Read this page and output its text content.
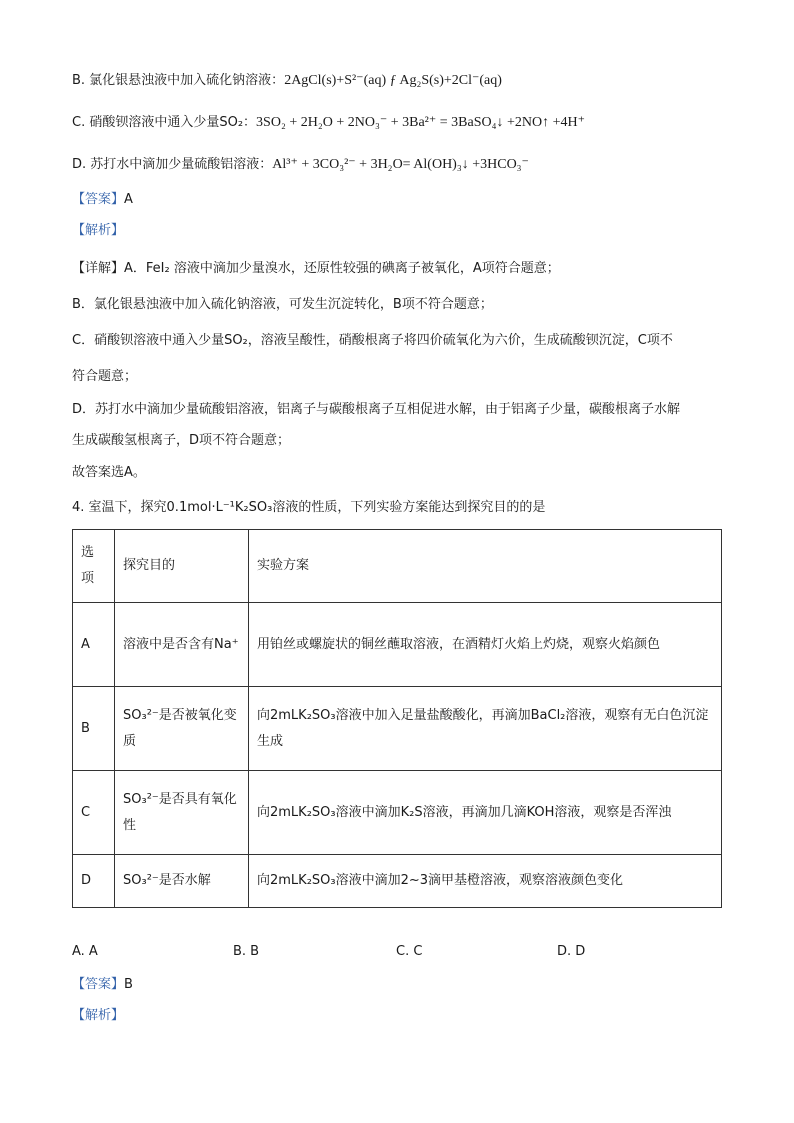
B. 氯化银悬浊液中加入硫化钠溶液：2AgCl(s)+S²⁻(aq) ƒ Ag₂S(s)+2Cl⁻(aq)
C. 硝酸钡溶液中通入少量SO₂：3SO₂ + 2H₂O + 2NO₃⁻ + 3Ba²⁺ = 3BaSO₄↓ +2NO↑ +4H⁺
D. 苏打水中滴加少量硫酸铝溶液：Al³⁺ + 3CO₃²⁻ + 3H₂O= Al(OH)₃↓ +3HCO₃⁻
【答案】A
【解析】
【详解】A．FeI₂ 溶液中滴加少量溴水，还原性较强的碘离子被氧化，A项符合题意；
B．氯化银悬浊液中加入硫化钠溶液，可发生沉淀转化，B项不符合题意；
C．硝酸钡溶液中通入少量SO₂，溶液呈酸性，硝酸根离子将四价硫氧化为六价，生成硫酸钡沉淀，C项不
符合题意；
D．苏打水中滴加少量硫酸铝溶液，铝离子与碳酸根离子互相促进水解，由于铝离子少量，碳酸根离子水解
生成碳酸氢根离子，D项不符合题意；
故答案选A。
4. 室温下，探究0.1mol·L⁻¹K₂SO₃溶液的性质，下列实验方案能达到探究目的的是
选项	探究目的	实验方案
A	溶液中是否含有Na⁺	用铂丝或螺旋状的铜丝蘸取溶液，在酒精灯火焰上灼烧，观察火焰颜色
B	SO₃²⁻是否被氧化变质	向2mLK₂SO₃溶液中加入足量盐酸酸化，再滴加BaCl₂溶液，观察有无白色沉淀生成
C	SO₃²⁻是否具有氧化性	向2mLK₂SO₃溶液中滴加K₂S溶液，再滴加几滴KOH溶液，观察是否浑浊
D	SO₃²⁻是否水解	向2mLK₂SO₃溶液中滴加2~3滴甲基橙溶液，观察溶液颜色变化
A. A	B. B	C. C	D. D
【答案】B
【解析】
